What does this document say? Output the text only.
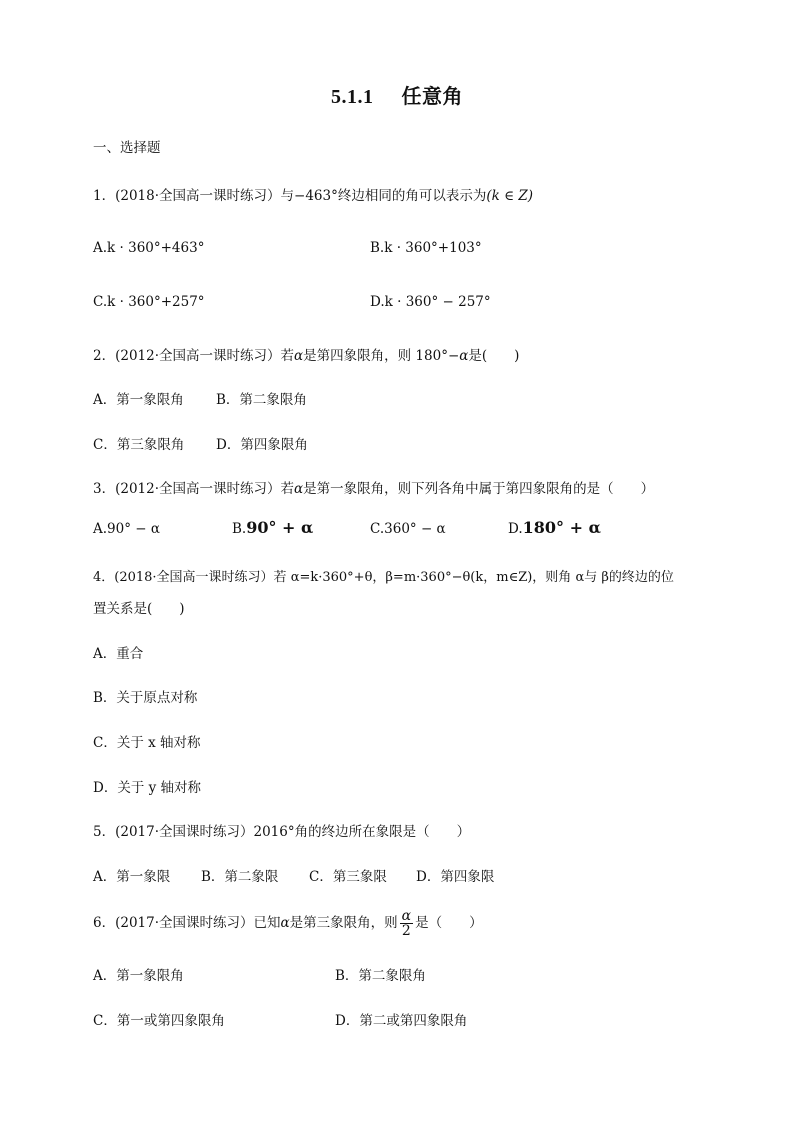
5.1.1 任意角
一、选择题
1．(2018·全国高一课时练习）与−463°终边相同的角可以表示为(k ∈ Z)
A.k · 360°+463°	B.k · 360°+103°
C.k · 360°+257°	D.k · 360° − 257°
2．(2012·全国高一课时练习）若α是第四象限角，则 180°−α是(　　)
A．第一象限角 B．第二象限角
C．第三象限角 D．第四象限角
3．(2012·全国高一课时练习）若α是第一象限角，则下列各角中属于第四象限角的是（　　）
A.90° − α	B.90° + α	C.360° − α	D.180° + α
4．(2018·全国高一课时练习）若 α=k·360°+θ，β=m·360°−θ(k，m∈Z)，则角 α与 β的终边的位
置关系是(　　)
A．重合
B．关于原点对称
C．关于 x 轴对称
D．关于 y 轴对称
5．(2017·全国课时练习）2016°角的终边所在象限是（　　）
A．第一象限 B．第二象限 C．第三象限 D．第四象限
6．(2017·全国课时练习）已知α是第三象限角，则 $\frac{\alpha}{2}$ 是（　　）
A．第一象限角	B．第二象限角
C．第一或第四象限角	D．第二或第四象限角
